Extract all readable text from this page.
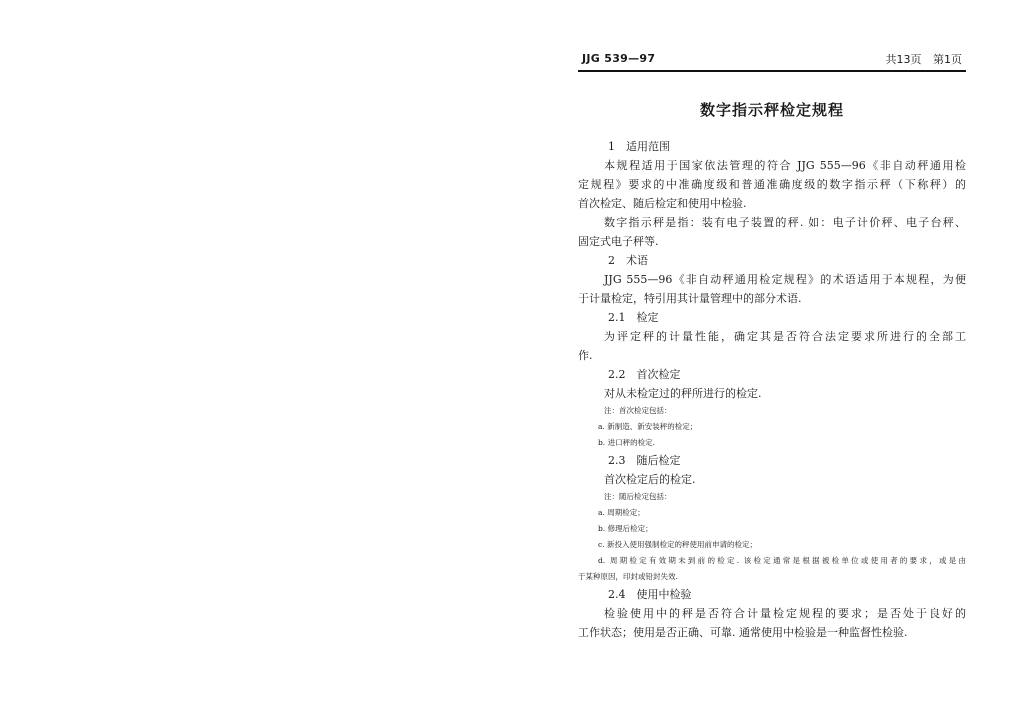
JJG 539—97	共13页 第1页
数字指示秤检定规程
1　适用范围
本规程适用于国家依法管理的符合 JJG 555—96《非自动秤通用检
定规程》要求的中准确度级和普通准确度级的数字指示秤（下称秤）的
首次检定、随后检定和使用中检验.
数字指示秤是指：装有电子装置的秤. 如：电子计价秤、电子台秤、
固定式电子秤等.
2　术语
JJG 555—96《非自动秤通用检定规程》的术语适用于本规程，为便
于计量检定，特引用其计量管理中的部分术语.
2.1　检定
为评定秤的计量性能，确定其是否符合法定要求所进行的全部工
作.
2.2　首次检定
对从未检定过的秤所进行的检定.
注：首次检定包括：
a. 新制造、新安装秤的检定；
b. 进口秤的检定.
2.3　随后检定
首次检定后的检定.
注：随后检定包括：
a. 周期检定；
b. 修理后检定；
c. 新投入使用强制检定的秤使用前申请的检定；
d. 周期检定有效期未到前的检定. 该检定通常是根据被检单位或使用者的要求，或是由
于某种原因，印封或铅封失效.
2.4　使用中检验
检验使用中的秤是否符合计量检定规程的要求；是否处于良好的
工作状态；使用是否正确、可靠. 通常使用中检验是一种监督性检验.
